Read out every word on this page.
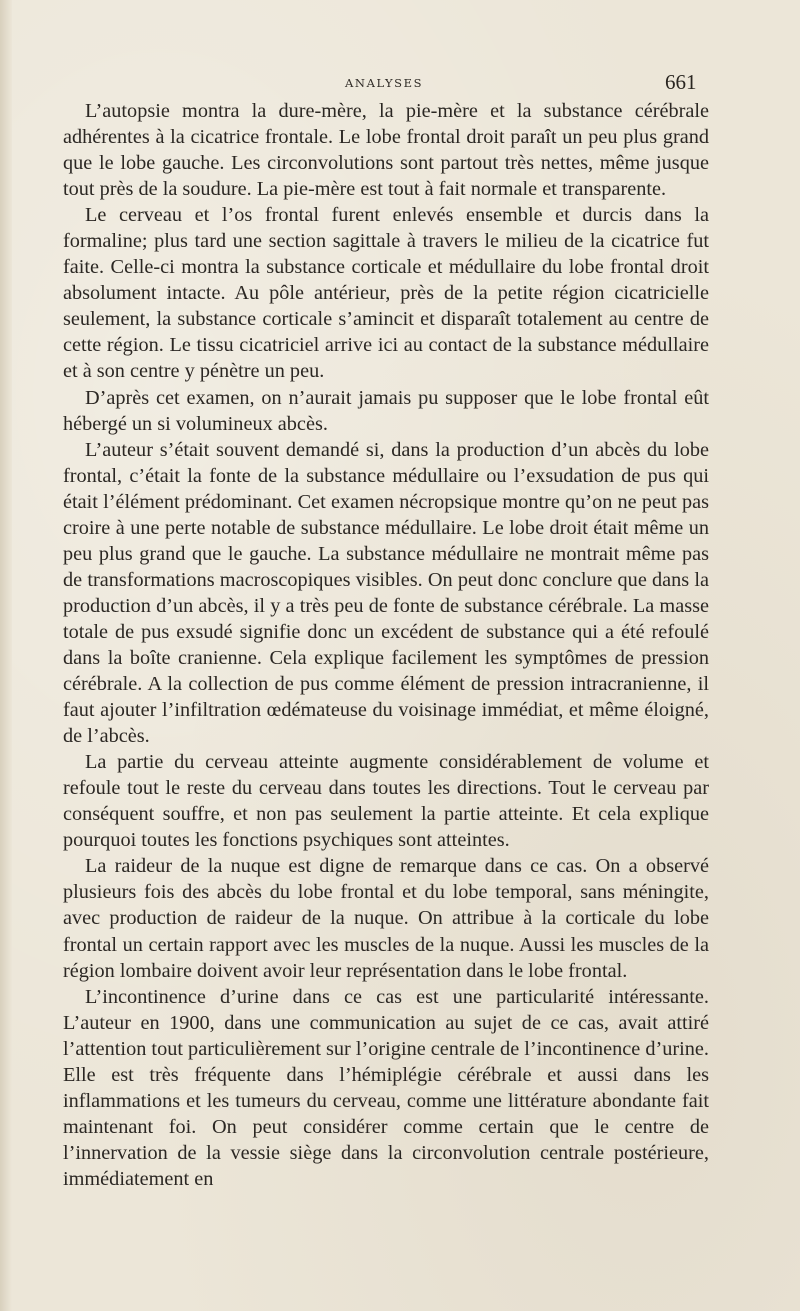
ANALYSES	661

L’autopsie montra la dure-mère, la pie-mère et la substance cérébrale adhérentes à la cicatrice frontale. Le lobe frontal droit paraît un peu plus grand que le lobe gauche. Les circonvolutions sont partout très nettes, même jusque tout près de la soudure. La pie-mère est tout à fait normale et transparente.

Le cerveau et l’os frontal furent enlevés ensemble et durcis dans la formaline; plus tard une section sagittale à travers le milieu de la cicatrice fut faite. Celle-ci montra la substance corticale et médullaire du lobe frontal droit absolument intacte. Au pôle antérieur, près de la petite région cicatricielle seulement, la substance corticale s’amincit et disparaît totalement au centre de cette région. Le tissu cicatriciel arrive ici au contact de la substance médullaire et à son centre y pénètre un peu.

D’après cet examen, on n’aurait jamais pu supposer que le lobe frontal eût hébergé un si volumineux abcès.

L’auteur s’était souvent demandé si, dans la production d’un abcès du lobe frontal, c’était la fonte de la substance médullaire ou l’exsudation de pus qui était l’élément prédominant. Cet examen nécropsique montre qu’on ne peut pas croire à une perte notable de substance médullaire. Le lobe droit était même un peu plus grand que le gauche. La substance médullaire ne montrait même pas de transformations macroscopiques visibles. On peut donc conclure que dans la production d’un abcès, il y a très peu de fonte de substance cérébrale. La masse totale de pus exsudé signifie donc un excédent de substance qui a été refoulé dans la boîte cranienne. Cela explique facilement les symptômes de pression cérébrale. A la collection de pus comme élément de pression intracranienne, il faut ajouter l’infiltration œdémateuse du voisinage immédiat, et même éloigné, de l’abcès.

La partie du cerveau atteinte augmente considérablement de volume et refoule tout le reste du cerveau dans toutes les directions. Tout le cerveau par conséquent souffre, et non pas seulement la partie atteinte. Et cela explique pourquoi toutes les fonctions psychiques sont atteintes.

La raideur de la nuque est digne de remarque dans ce cas. On a observé plusieurs fois des abcès du lobe frontal et du lobe temporal, sans méningite, avec production de raideur de la nuque. On attribue à la corticale du lobe frontal un certain rapport avec les muscles de la nuque. Aussi les muscles de la région lombaire doivent avoir leur représentation dans le lobe frontal.

L’incontinence d’urine dans ce cas est une particularité intéressante. L’auteur en 1900, dans une communication au sujet de ce cas, avait attiré l’attention tout particulièrement sur l’origine centrale de l’incontinence d’urine. Elle est très fréquente dans l’hémiplégie cérébrale et aussi dans les inflammations et les tumeurs du cerveau, comme une littérature abondante fait maintenant foi. On peut considérer comme certain que le centre de l’innervation de la vessie siège dans la circonvolution centrale postérieure, immédiatement en
